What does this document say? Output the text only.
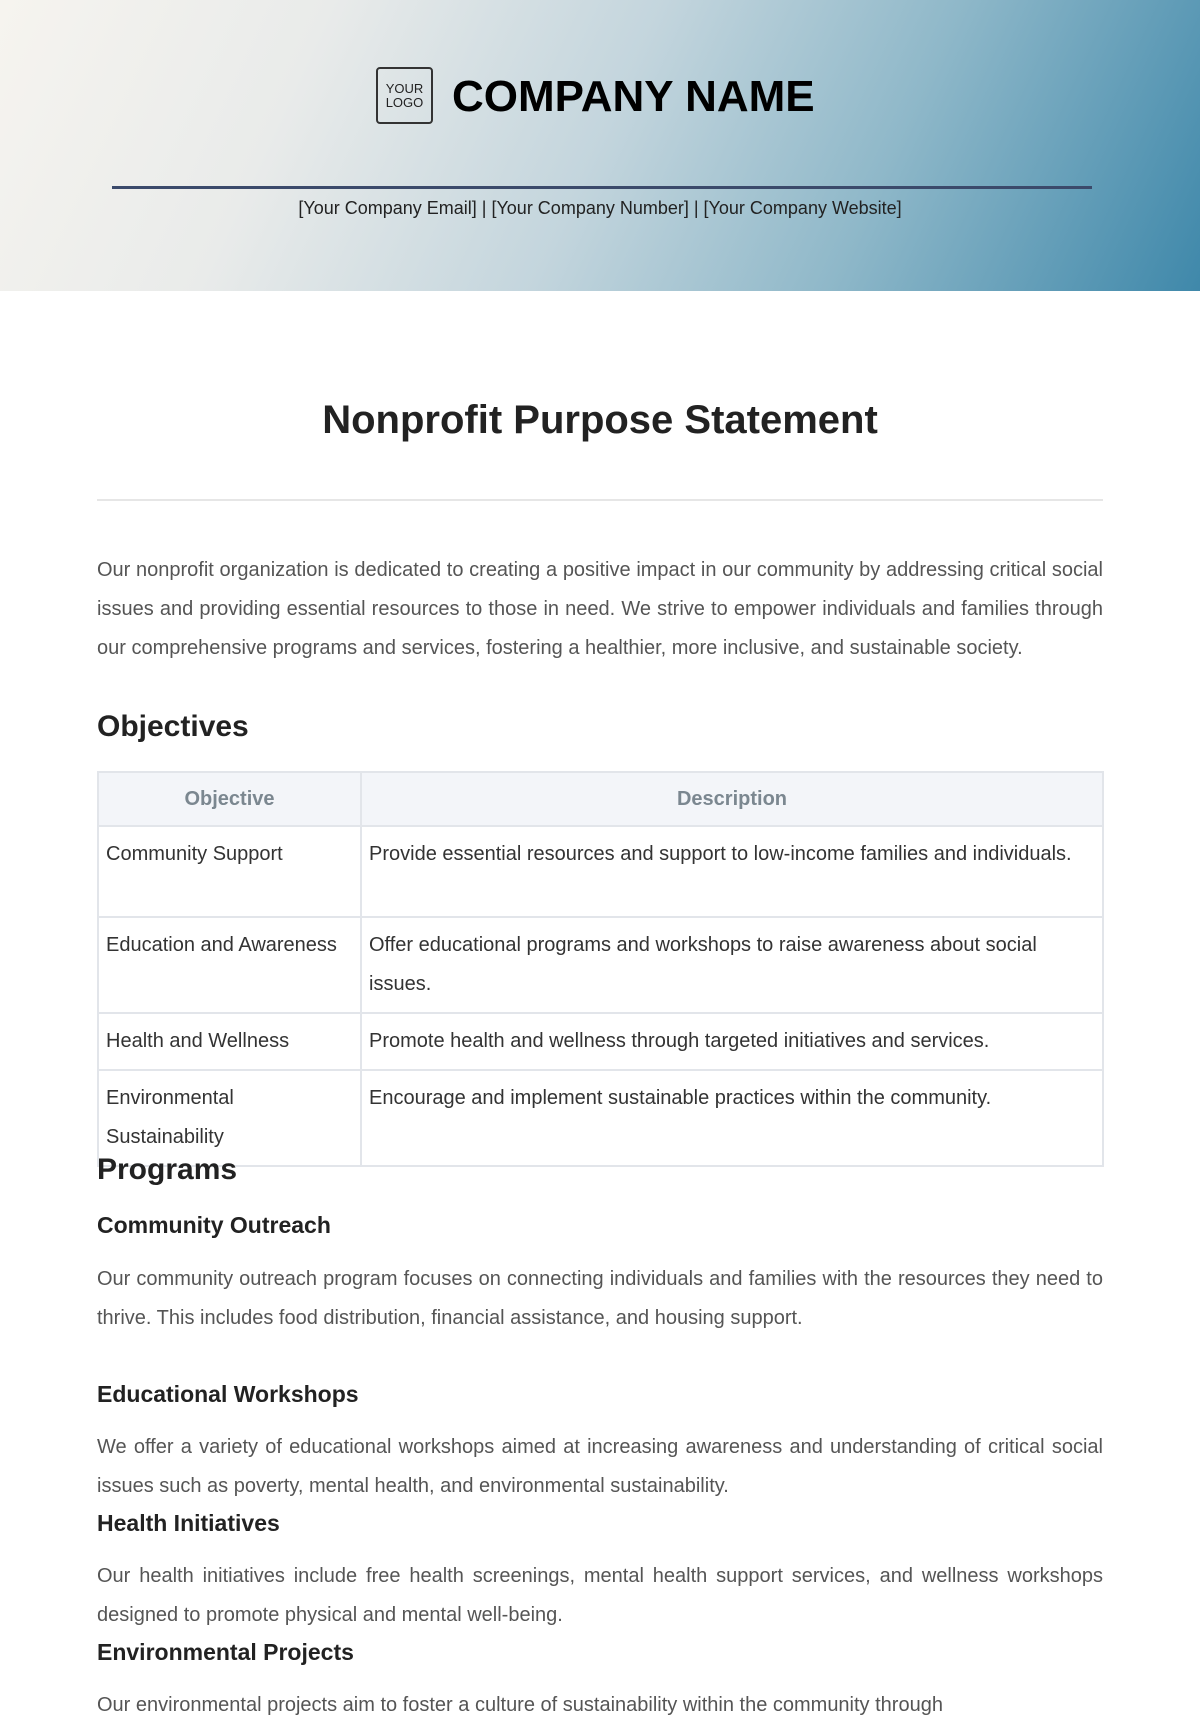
YOUR
LOGO COMPANY NAME
[Your Company Email] | [Your Company Number] | [Your Company Website]
Nonprofit Purpose Statement

Our nonprofit organization is dedicated to creating a positive impact in our community by addressing critical social issues and providing essential resources to those in need. We strive to empower individuals and families through our comprehensive programs and services, fostering a healthier, more inclusive, and sustainable society.

Objectives
Objective	Description
Community Support	Provide essential resources and support to low-income families and individuals.
Education and Awareness	Offer educational programs and workshops to raise awareness about social issues.
Health and Wellness	Promote health and wellness through targeted initiatives and services.
Environmental Sustainability	Encourage and implement sustainable practices within the community.
Programs
Community Outreach

Our community outreach program focuses on connecting individuals and families with the resources they need to thrive. This includes food distribution, financial assistance, and housing support.

Educational Workshops

We offer a variety of educational workshops aimed at increasing awareness and understanding of critical social issues such as poverty, mental health, and environmental sustainability.

Health Initiatives

Our health initiatives include free health screenings, mental health support services, and wellness workshops designed to promote physical and mental well-being.

Environmental Projects

Our environmental projects aim to foster a culture of sustainability within the community through
